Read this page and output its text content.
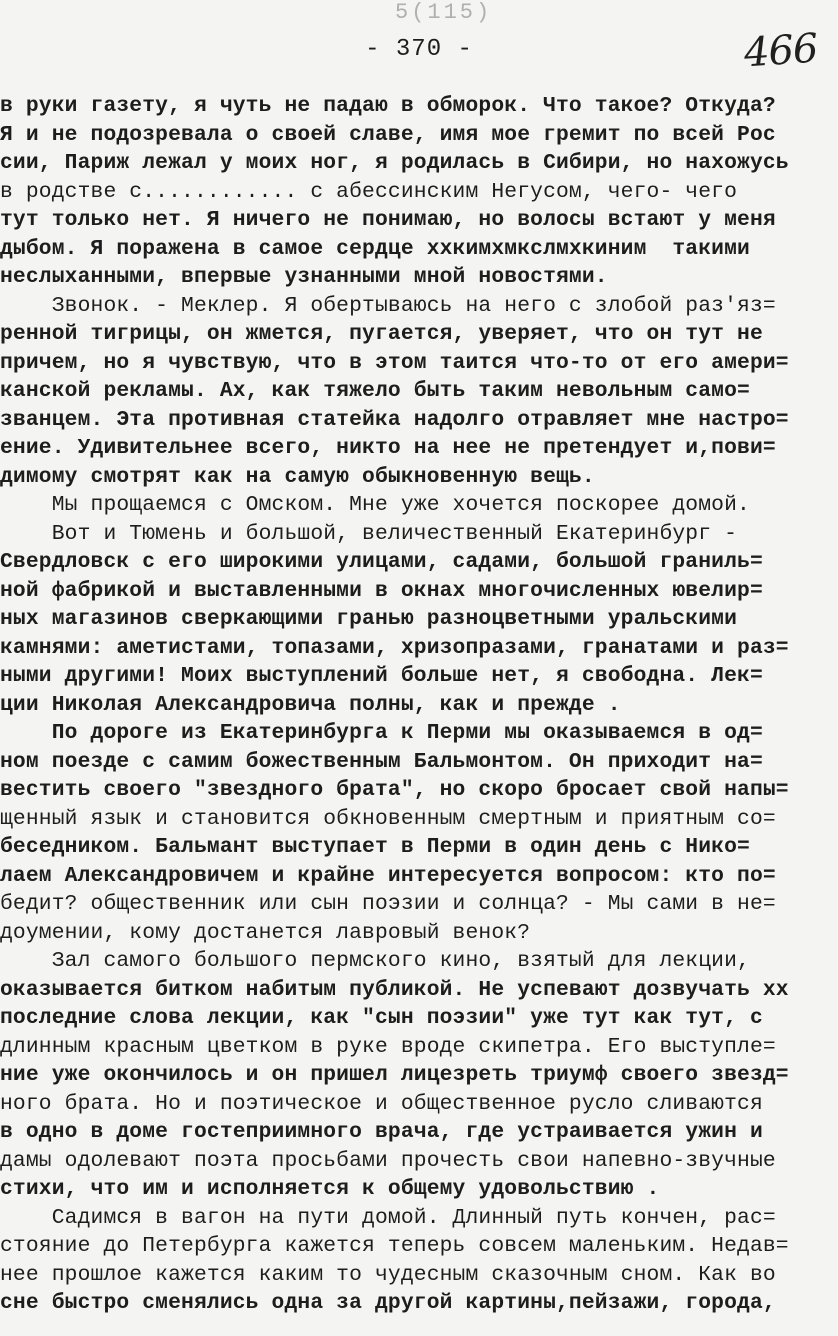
5(115)
- 370 -	466
в руки газету, я чуть не падаю в обморок. Что такое? Откуда?
Я и не подозревала о своей славе, имя мое гремит по всей Рос
сии, Париж лежал у моих ног, я родилась в Сибири, но нахожусь
в родстве с............ с абессинским Негусом, чего- чего
тут только нет. Я ничего не понимаю, но волосы встают у меня
дыбом. Я поражена в самое сердце ххкимхмкслмхкиним  такими
неслыханными, впервые узнанными мной новостями.
Звонок. - Меклер. Я обертываюсь на него с злобой раз'яз=
ренной тигрицы, он жмется, пугается, уверяет, что он тут не
причем, но я чувствую, что в этом таится что-то от его амери=
канской рекламы. Ах, как тяжело быть таким невольным само=
званцем. Эта противная статейка надолго отравляет мне настро=
ение. Удивительнее всего, никто на нее не претендует и,пови=
димому смотрят как на самую обыкновенную вещь.
Мы прощаемся с Омском. Мне уже хочется поскорее домой.
Вот и Тюмень и большой, величественный Екатеринбург -
Свердловск с его широкими улицами, садами, большой граниль=
ной фабрикой и выставленными в окнах многочисленных ювелир=
ных магазинов сверкающими гранью разноцветными уральскими
камнями: аметистами, топазами, хризопразами, гранатами и раз=
ными другими! Моих выступлений больше нет, я свободна. Лек=
ции Николая Александровича полны, как и прежде .
По дороге из Екатеринбурга к Перми мы оказываемся в од=
ном поезде с самим божественным Бальмонтом. Он приходит на=
вестить своего "звездного брата", но скоро бросает свой напы=
щенный язык и становится обкновенным смертным и приятным со=
беседником. Бальмант выступает в Перми в один день с Нико=
лаем Александровичем и крайне интересуется вопросом: кто по=
бедит? общественник или сын поэзии и солнца? - Мы сами в не=
доумении, кому достанется лавровый венок?
Зал самого большого пермского кино, взятый для лекции,
оказывается битком набитым публикой. Не успевают дозвучать хх
последние слова лекции, как "сын поэзии" уже тут как тут, с
длинным красным цветком в руке вроде скипетра. Его выступле=
ние уже окончилось и он пришел лицезреть триумф своего звезд=
ного брата. Но и поэтическое и общественное русло сливаются
в одно в доме гостеприимного врача, где устраивается ужин и
дамы одолевают поэта просьбами прочесть свои напевно-звучные
стихи, что им и исполняется к общему удовольствию .
Садимся в вагон на пути домой. Длинный путь кончен, рас=
стояние до Петербурга кажется теперь совсем маленьким. Недав=
нее прошлое кажется каким то чудесным сказочным сном. Как во
сне быстро сменялись одна за другой картины,пейзажи, города,
